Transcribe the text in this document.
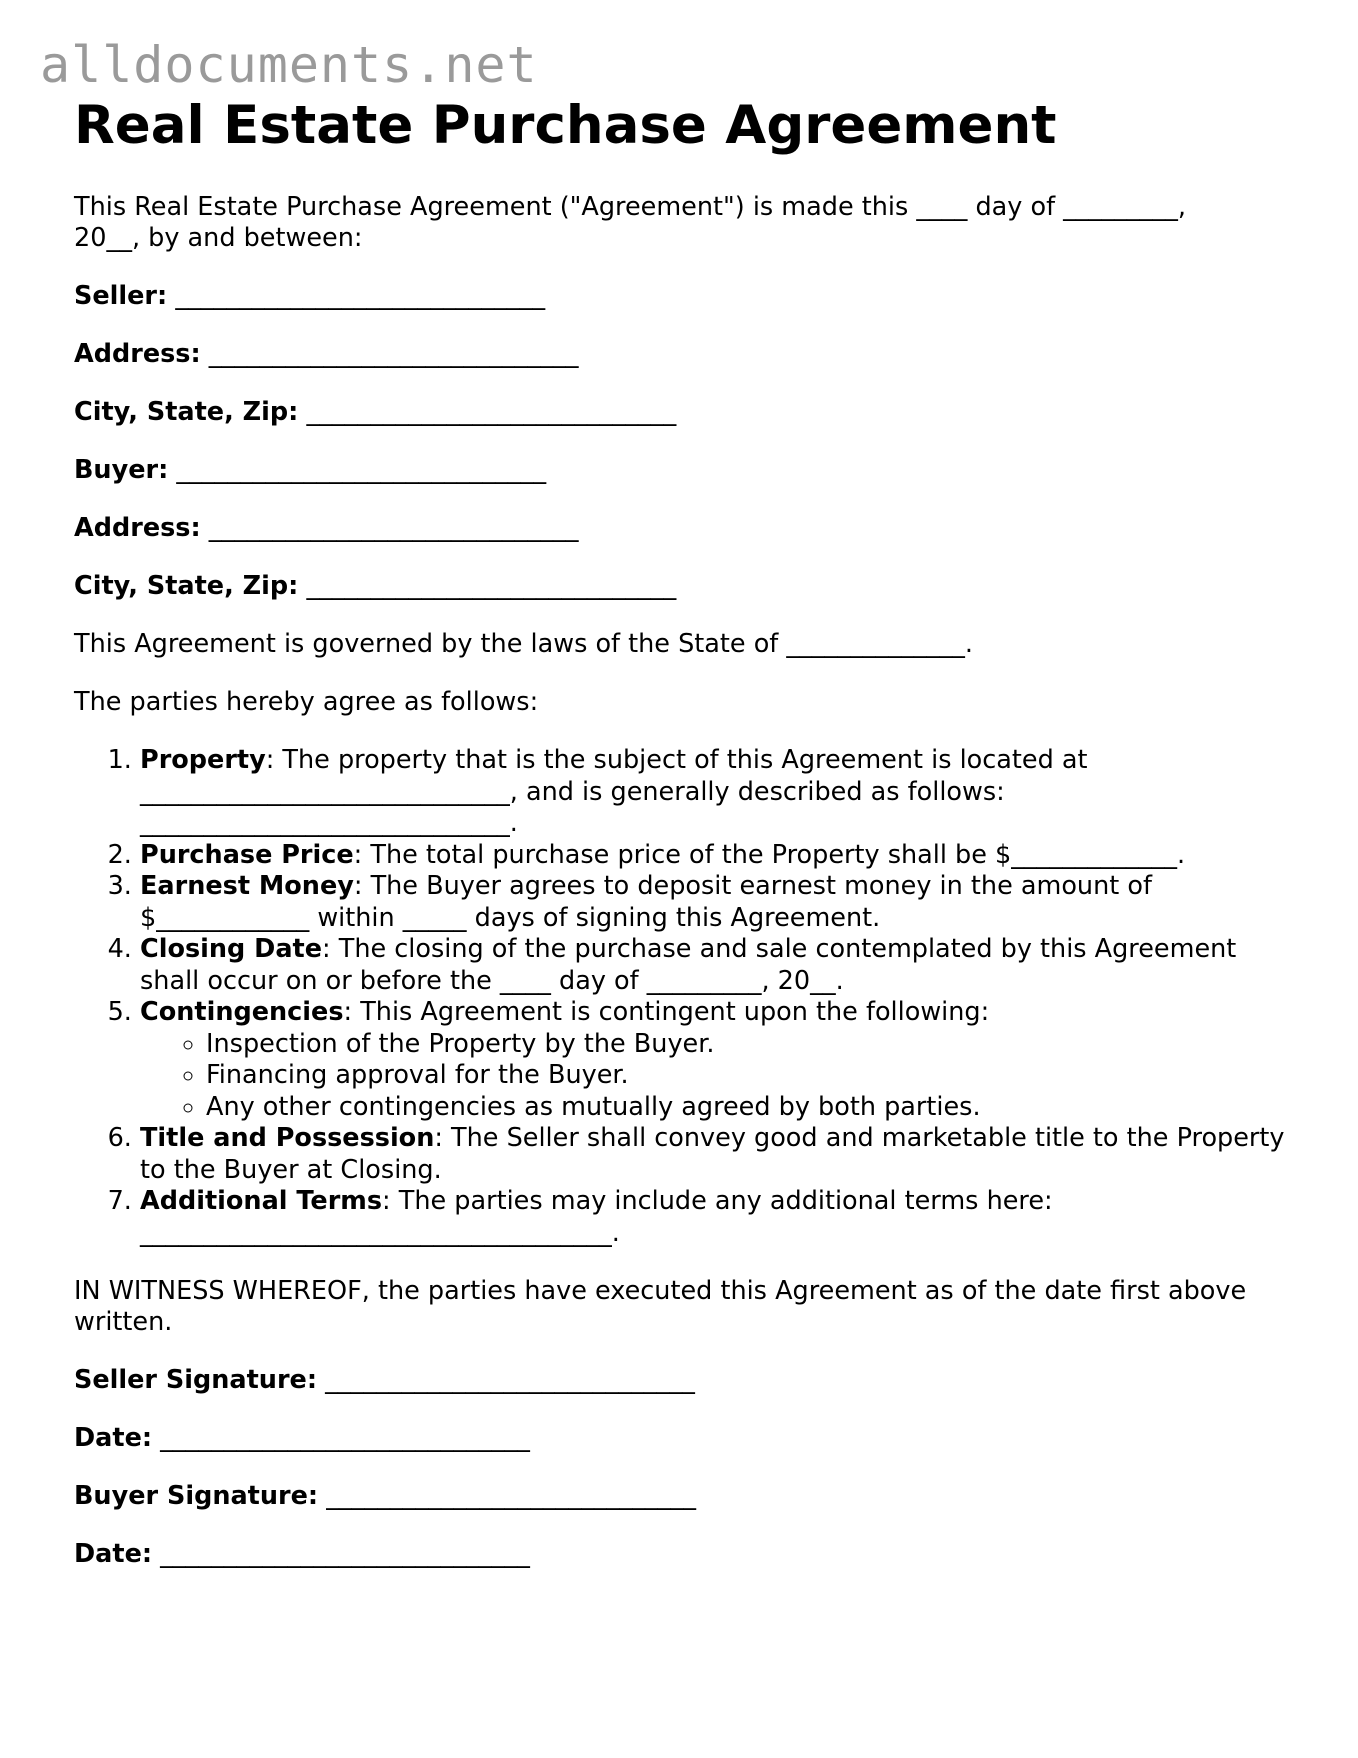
alldocuments.net
Real Estate Purchase Agreement

This Real Estate Purchase Agreement ("Agreement") is made this ____ day of _________, 20__, by and between:

Seller: _____________________________

Address: _____________________________

City, State, Zip: _____________________________

Buyer: _____________________________

Address: _____________________________

City, State, Zip: _____________________________

This Agreement is governed by the laws of the State of ______________.

The parties hereby agree as follows:

1. Property: The property that is the subject of this Agreement is located at _____________________________, and is generally described as follows: _____________________________.
2. Purchase Price: The total purchase price of the Property shall be $_____________.
3. Earnest Money: The Buyer agrees to deposit earnest money in the amount of $____________ within _____ days of signing this Agreement.
4. Closing Date: The closing of the purchase and sale contemplated by this Agreement shall occur on or before the ____ day of _________, 20__.
5. Contingencies: This Agreement is contingent upon the following:
◦ Inspection of the Property by the Buyer.
◦ Financing approval for the Buyer.
◦ Any other contingencies as mutually agreed by both parties.
6. Title and Possession: The Seller shall convey good and marketable title to the Property to the Buyer at Closing.
7. Additional Terms: The parties may include any additional terms here: _____________________________________.

IN WITNESS WHEREOF, the parties have executed this Agreement as of the date first above written.

Seller Signature: _____________________________

Date: _____________________________

Buyer Signature: _____________________________

Date: _____________________________
